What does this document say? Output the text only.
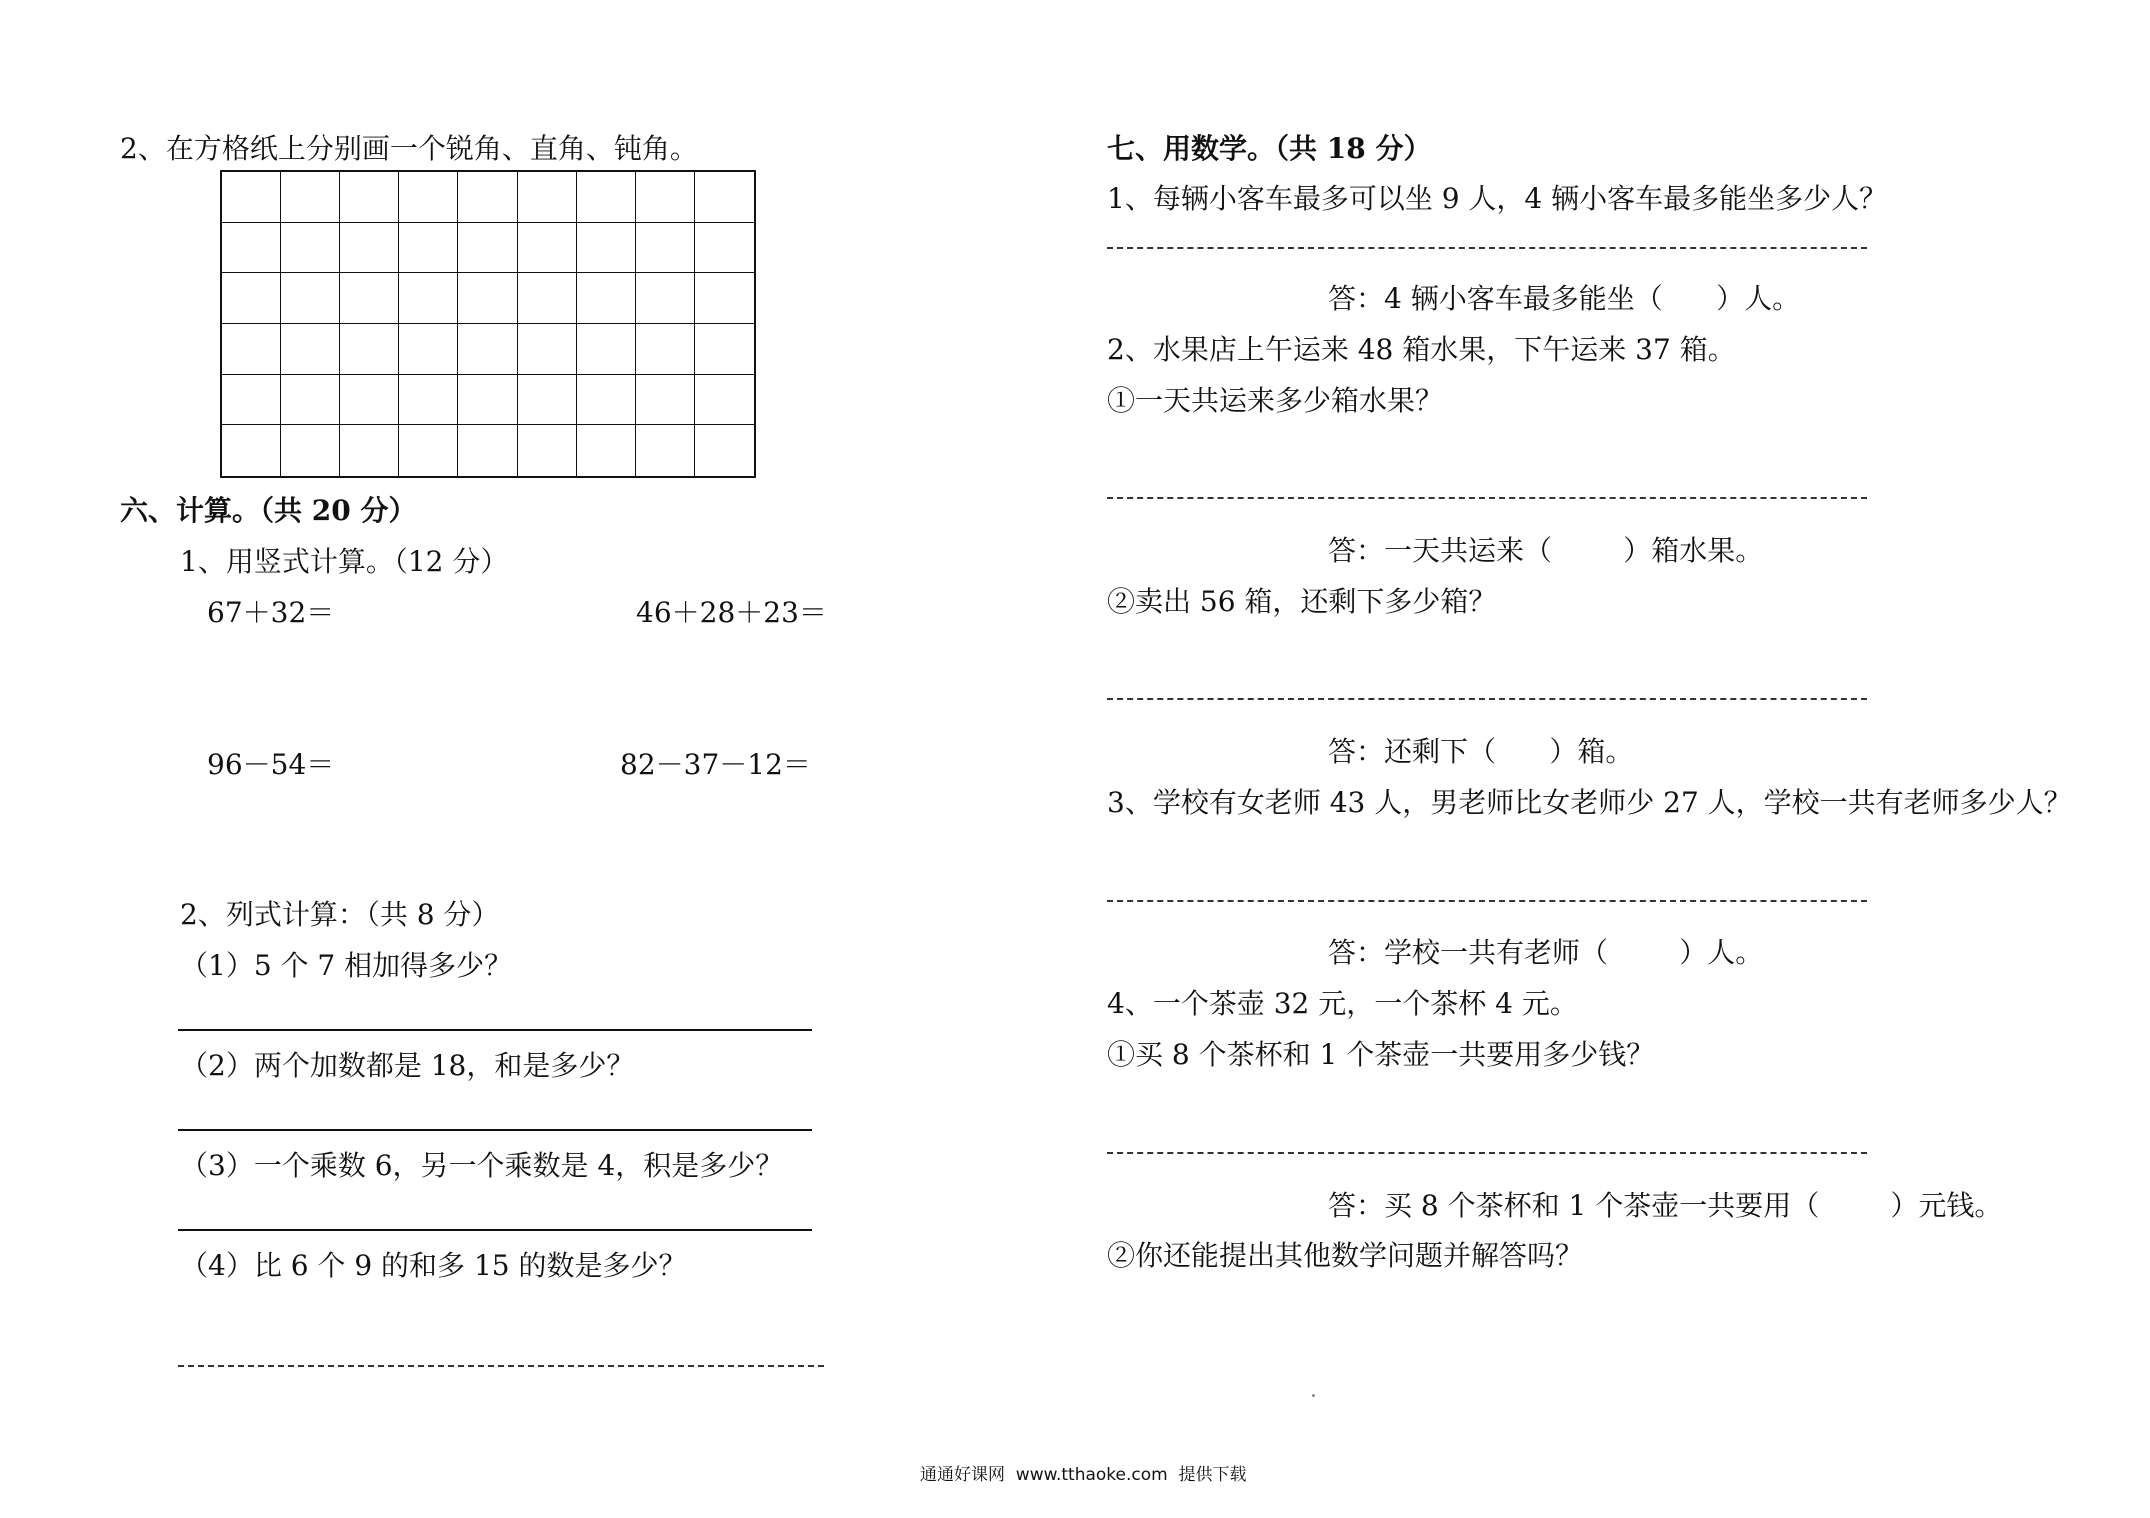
2、在方格纸上分别画一个锐角、直角、钝角。
六、计算。（共 20 分）
1、用竖式计算。（12 分）
67＋32＝	46＋28＋23＝
96－54＝	82－37－12＝
2、列式计算：（共 8 分）
（1）5 个 7 相加得多少？
（2）两个加数都是 18，和是多少？
（3）一个乘数 6，另一个乘数是 4，积是多少？
（4）比 6 个 9 的和多 15 的数是多少？
七、用数学。（共 18 分）
1、每辆小客车最多可以坐 9 人，4 辆小客车最多能坐多少人？
答：4 辆小客车最多能坐（      ）人。
2、水果店上午运来 48 箱水果，下午运来 37 箱。
①一天共运来多少箱水果？
答：一天共运来（        ）箱水果。
②卖出 56 箱，还剩下多少箱？
答：还剩下（      ）箱。
3、学校有女老师 43 人，男老师比女老师少 27 人，学校一共有老师多少人？
答：学校一共有老师（        ）人。
4、一个茶壶 32 元，一个茶杯 4 元。
①买 8 个茶杯和 1 个茶壶一共要用多少钱？
答：买 8 个茶杯和 1 个茶壶一共要用（        ）元钱。
②你还能提出其他数学问题并解答吗？
通通好课网  www.tthaoke.com  提供下载
